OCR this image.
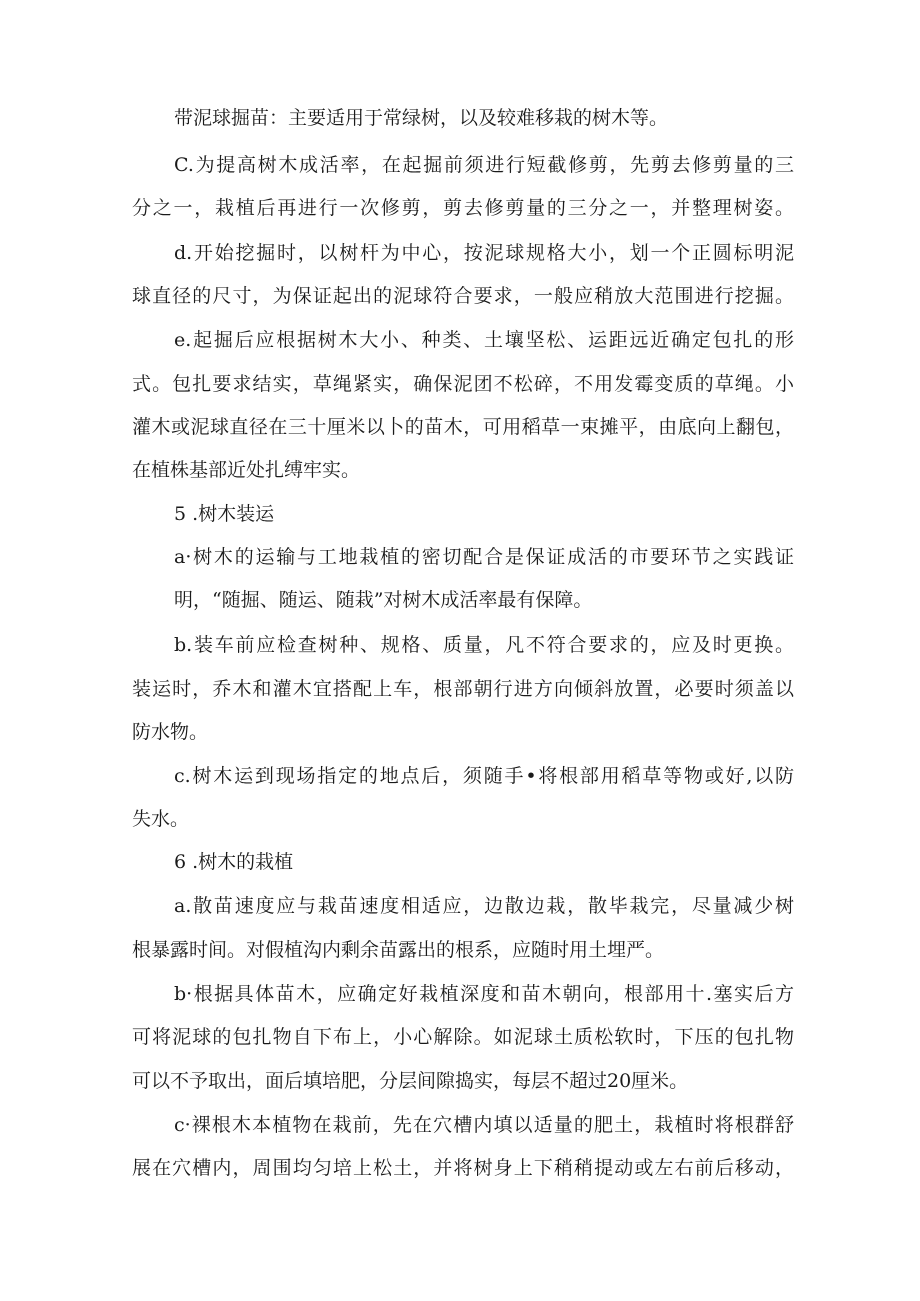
带泥球掘苗：主要适用于常绿树，以及较难移栽的树木等。
C.为提高树木成活率，在起掘前须进行短截修剪，先剪去修剪量的三
分之一，栽植后再进行一次修剪，剪去修剪量的三分之一，并整理树姿。
d.开始挖掘时，以树杆为中心，按泥球规格大小，划一个正圆标明泥
球直径的尺寸，为保证起出的泥球符合要求，一般应稍放大范围进行挖掘。
e.起掘后应根据树木大小、种类、土壤坚松、运距远近确定包扎的形
式。包扎要求结实，草绳紧实，确保泥团不松碎，不用发霉变质的草绳。小
灌木或泥球直径在三十厘米以卜的苗木，可用稻草一束摊平，由底向上翻包，
在植株基部近处扎缚牢实。
5 .树木装运
a·树木的运输与工地栽植的密切配合是保证成活的市要环节之实践证
明，“随掘、随运、随栽”对树木成活率最有保障。
b.装车前应检查树种、规格、质量，凡不符合要求的，应及时更换。
装运时，乔木和灌木宜搭配上车，根部朝行进方向倾斜放置，必要时须盖以
防水物。
c.树木运到现场指定的地点后，须随手•将根部用稻草等物或好,以防
失水。
6 .树木的栽植
a.散苗速度应与栽苗速度相适应，边散边栽，散毕栽完，尽量减少树
根暴露时间。对假植沟内剩余苗露出的根系，应随时用土埋严。
b·根据具体苗木，应确定好栽植深度和苗木朝向，根部用十.塞实后方
可将泥球的包扎物自下布上，小心解除。如泥球土质松软时，下压的包扎物
可以不予取出，面后填培肥，分层间隙捣实，每层不超过20厘米。
c·裸根木本植物在栽前，先在穴槽内填以适量的肥土，栽植时将根群舒
展在穴槽内，周围均匀培上松土，并将树身上下稍稍提动或左右前后移动，
